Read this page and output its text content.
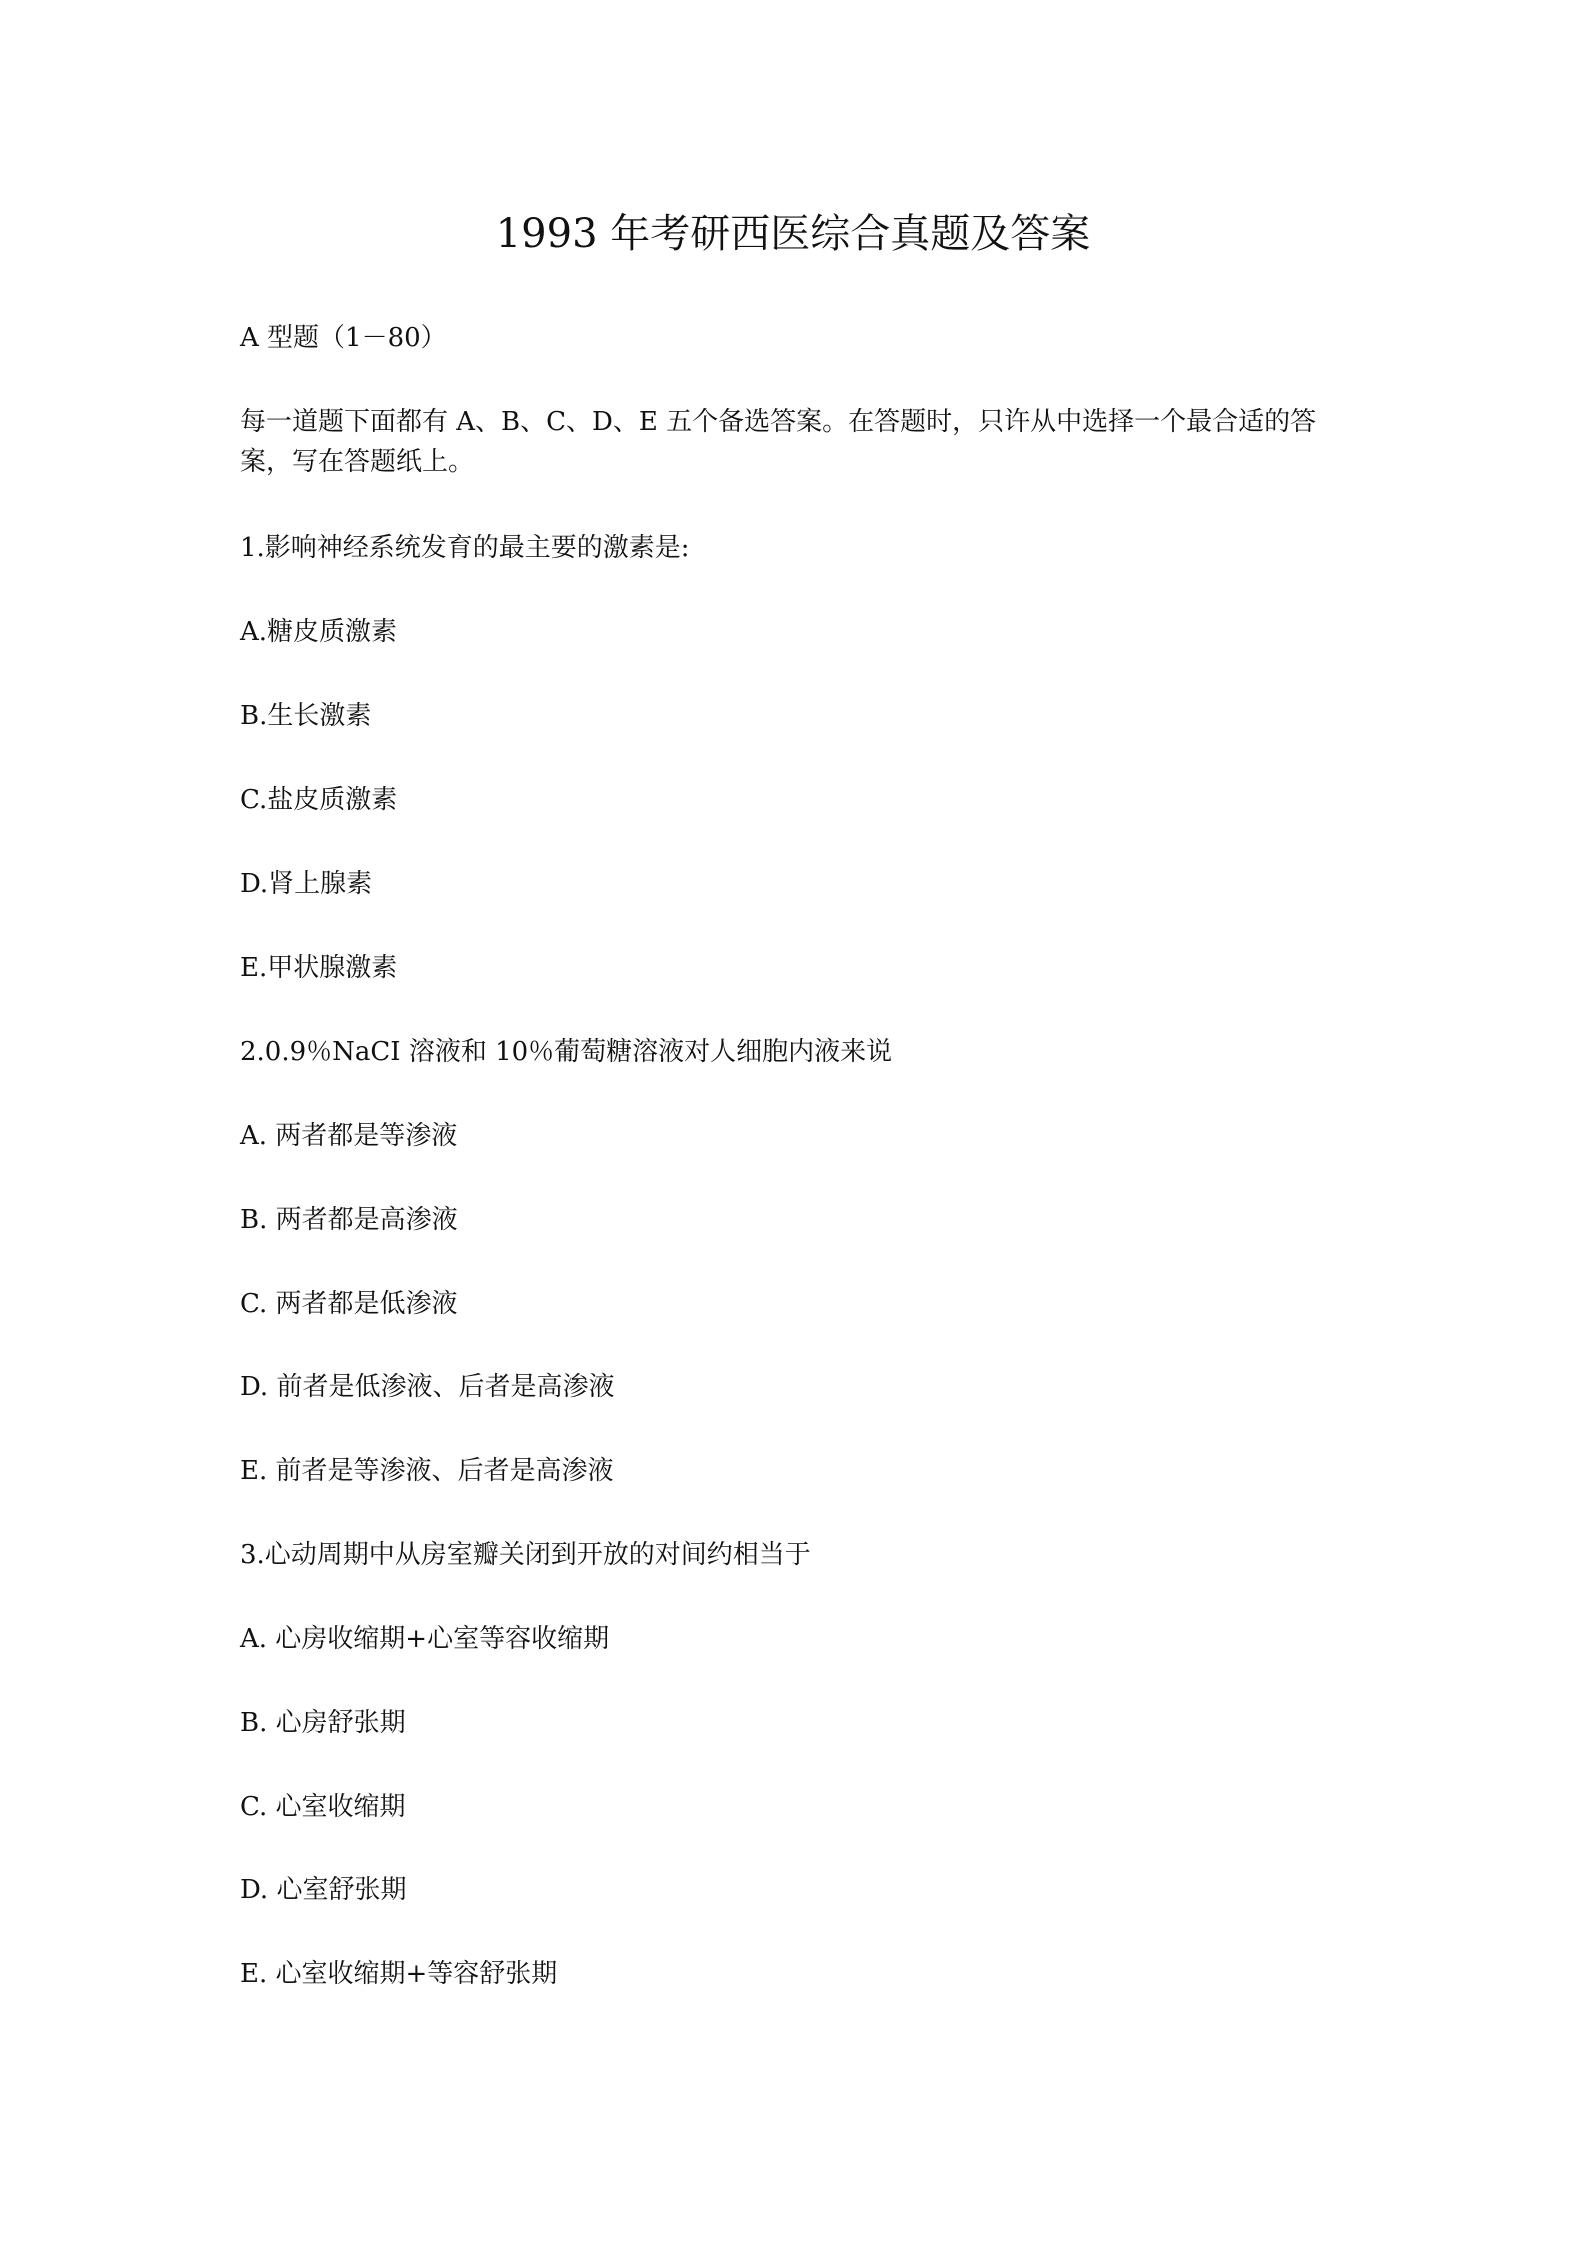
1993 年考研西医综合真题及答案
A 型题（1－80）
每一道题下面都有 A、B、C、D、E 五个备选答案。在答题时，只许从中选择一个最合适的答案，写在答题纸上。
1.影响神经系统发育的最主要的激素是:
A.糖皮质激素
B.生长激素
C.盐皮质激素
D.肾上腺素
E.甲状腺激素
2.0.9％NaCI 溶液和 10％葡萄糖溶液对人细胞内液来说
A. 两者都是等渗液
B. 两者都是高渗液
C. 两者都是低渗液
D. 前者是低渗液、后者是高渗液
E. 前者是等渗液、后者是高渗液
3.心动周期中从房室瓣关闭到开放的对间约相当于
A. 心房收缩期+心室等容收缩期
B. 心房舒张期
C. 心室收缩期
D. 心室舒张期
E. 心室收缩期+等容舒张期
